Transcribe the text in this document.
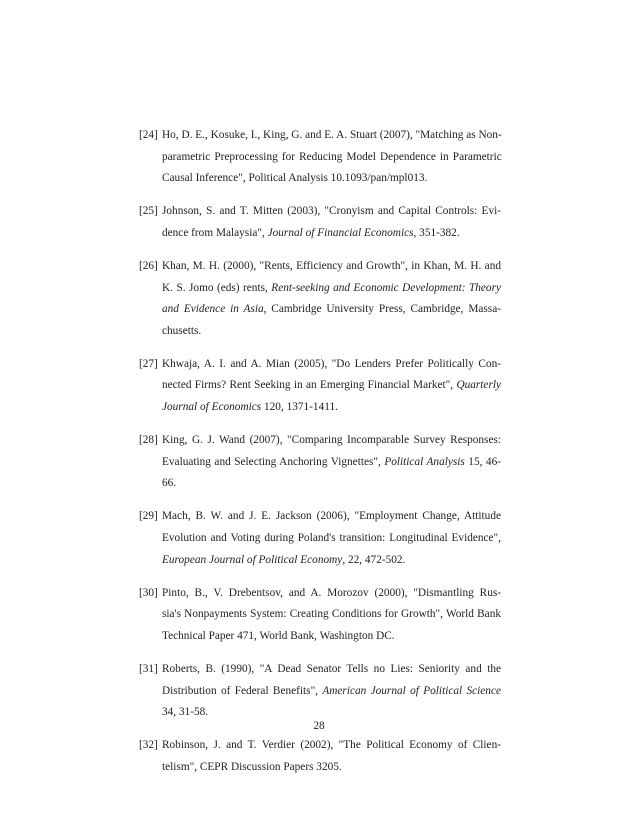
[24] Ho, D. E., Kosuke, I., King, G. and E. A. Stuart (2007), "Matching as Non-
parametric Preprocessing for Reducing Model Dependence in Parametric
Causal Inference", Political Analysis 10.1093/pan/mpl013.
[25] Johnson, S. and T. Mitten (2003), "Cronyism and Capital Controls: Evi-
dence from Malaysia", Journal of Financial Economics, 351-382.
[26] Khan, M. H. (2000), "Rents, Efficiency and Growth", in Khan, M. H. and
K. S. Jomo (eds) rents, Rent-seeking and Economic Development: Theory
and Evidence in Asia, Cambridge University Press, Cambridge, Massa-
chusetts.
[27] Khwaja, A. I. and A. Mian (2005), "Do Lenders Prefer Politically Con-
nected Firms? Rent Seeking in an Emerging Financial Market", Quarterly
Journal of Economics 120, 1371-1411.
[28] King, G. J. Wand (2007), "Comparing Incomparable Survey Responses:
Evaluating and Selecting Anchoring Vignettes", Political Analysis 15, 46-
66.
[29] Mach, B. W. and J. E. Jackson (2006), "Employment Change, Attitude
Evolution and Voting during Poland's transition: Longitudinal Evidence",
European Journal of Political Economy, 22, 472-502.
[30] Pinto, B., V. Drebentsov, and A. Morozov (2000), "Dismantling Rus-
sia's Nonpayments System: Creating Conditions for Growth", World Bank
Technical Paper 471, World Bank, Washington DC.
[31] Roberts, B. (1990), "A Dead Senator Tells no Lies: Seniority and the
Distribution of Federal Benefits", American Journal of Political Science
34, 31-58.
[32] Robinson, J. and T. Verdier (2002), "The Political Economy of Clien-
telism", CEPR Discussion Papers 3205.
28
